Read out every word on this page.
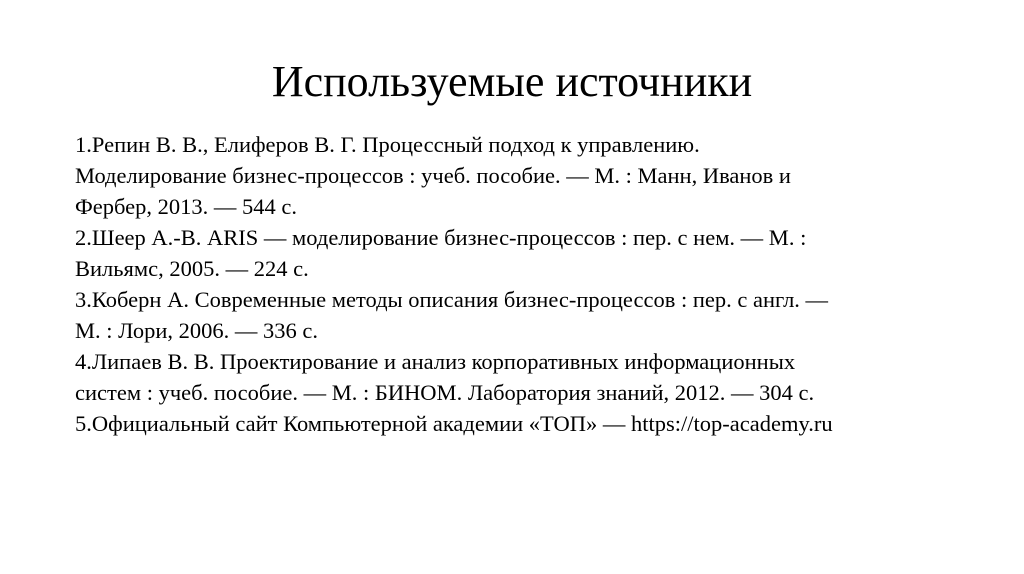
Используемые источники
1.Репин В. В., Елиферов В. Г. Процессный подход к управлению.
Моделирование бизнес-процессов : учеб. пособие. — М. : Манн, Иванов и
Фербер, 2013. — 544 с.
2.Шеер А.-В. ARIS — моделирование бизнес-процессов : пер. с нем. — М. :
Вильямс, 2005. — 224 с.
3.Коберн А. Современные методы описания бизнес-процессов : пер. с англ. —
М. : Лори, 2006. — 336 с.
4.Липаев В. В. Проектирование и анализ корпоративных информационных
систем : учеб. пособие. — М. : БИНОМ. Лаборатория знаний, 2012. — 304 с.
5.Официальный сайт Компьютерной академии «ТОП» — https://top-academy.ru
